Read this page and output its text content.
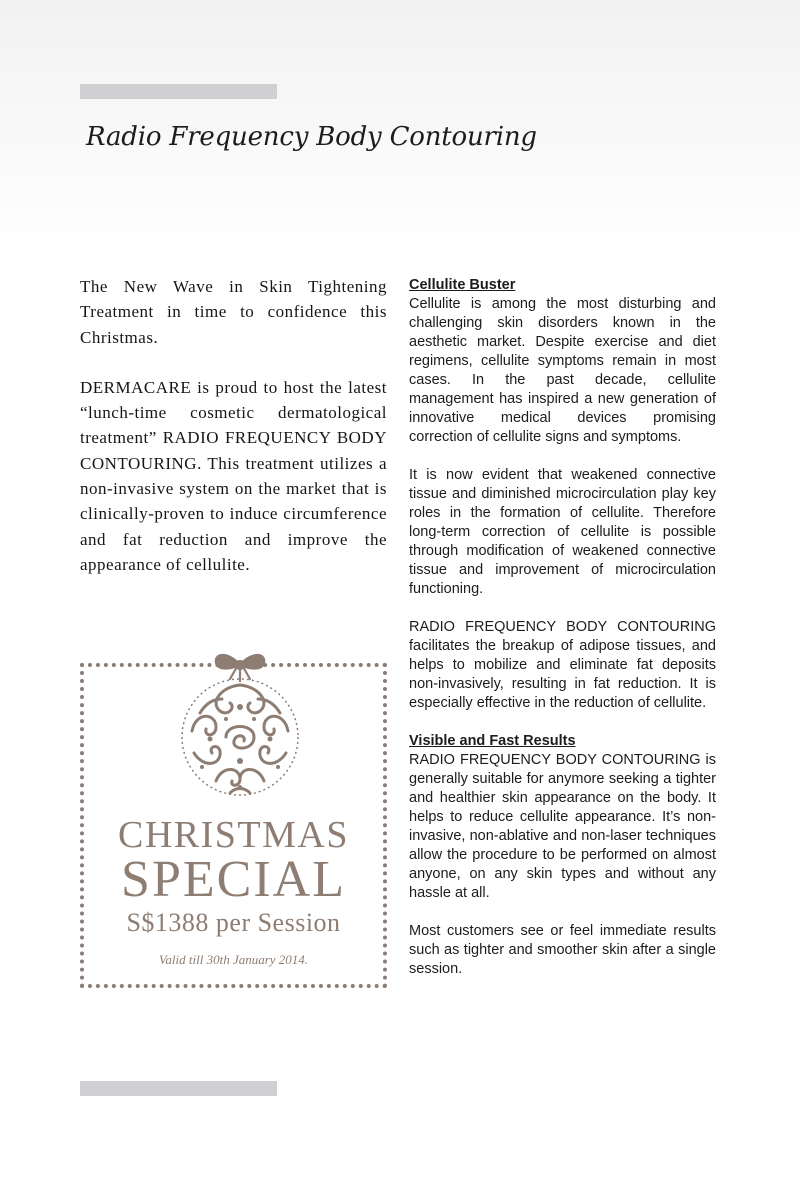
Radio Frequency Body Contouring

The New Wave in Skin Tightening Treatment in time to confidence this Christmas.

DERMACARE is proud to host the latest “lunch-time cosmetic dermatological treatment” RADIO FREQUENCY BODY CONTOURING. This treatment utilizes a non-invasive system on the market that is clinically-proven to induce circumference and fat reduction and improve the appearance of cellulite.

CHRISTMAS
SPECIAL
S$1388 per Session
Valid till 30th January 2014.
Cellulite Buster

Cellulite is among the most disturbing and challenging skin disorders known in the aesthetic market. Despite exercise and diet regimens, cellulite symptoms remain in most cases. In the past decade, cellulite management has inspired a new generation of innovative medical devices promising correction of cellulite signs and symptoms.

It is now evident that weakened connective tissue and diminished microcirculation play key roles in the formation of cellulite. Therefore long-term correction of cellulite is possible through modification of weakened connective tissue and improvement of microcirculation functioning.

RADIO FREQUENCY BODY CONTOURING facilitates the breakup of adipose tissues, and helps to mobilize and eliminate fat deposits non-invasively, resulting in fat reduction. It is especially effective in the reduction of cellulite.

Visible and Fast Results

RADIO FREQUENCY BODY CONTOURING is generally suitable for anymore seeking a tighter and healthier skin appearance on the body. It helps to reduce cellulite appearance. It’s non-invasive, non-ablative and non-laser techniques allow the procedure to be performed on almost anyone, on any skin types and without any hassle at all.

Most customers see or feel immediate results such as tighter and smoother skin after a single session.
